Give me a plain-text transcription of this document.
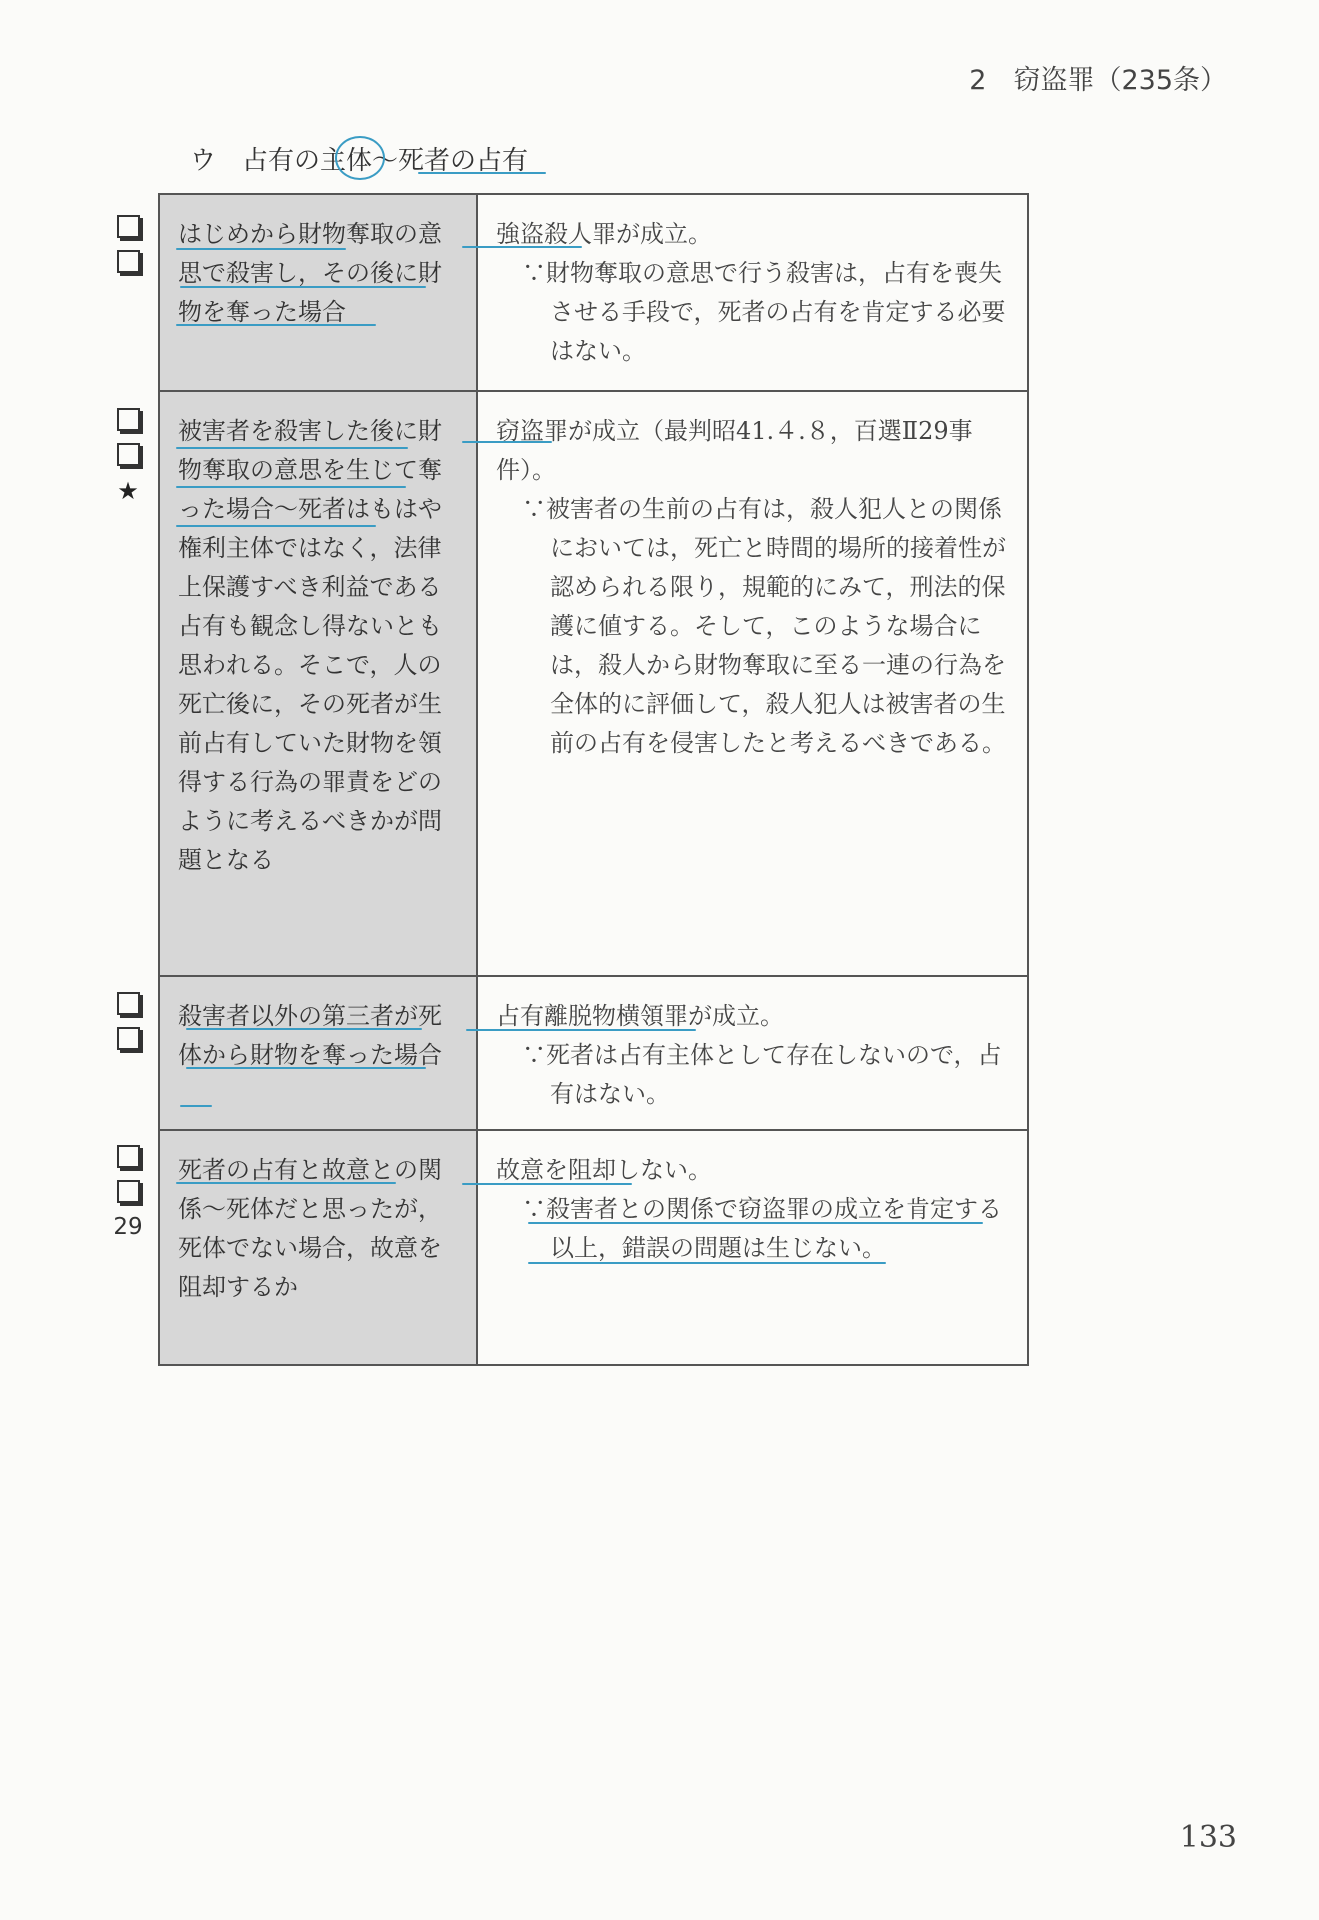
2　窃盗罪（235条）
ウ　占有の主体～死者の占有
★
29
はじめから財物奪取の意思で殺害し，その後に財物を奪った場合	強盗殺人罪が成立。
∵財物奪取の意思で行う殺害は，占有を喪失させる手段で，死者の占有を肯定する必要はない。

被害者を殺害した後に財物奪取の意思を生じて奪った場合～死者はもはや権利主体ではなく，法律上保護すべき利益である占有も観念し得ないとも思われる。そこで，人の死亡後に，その死者が生前占有していた財物を領得する行為の罪責をどのように考えるべきかが問題となる	窃盗罪が成立（最判昭41.４.８，百選Ⅱ29事件）。
∵被害者の生前の占有は，殺人犯人との関係においては，死亡と時間的場所的接着性が認められる限り，規範的にみて，刑法的保護に値する。そして，このような場合には，殺人から財物奪取に至る一連の行為を全体的に評価して，殺人犯人は被害者の生前の占有を侵害したと考えるべきである。

殺害者以外の第三者が死体から財物を奪った場合	占有離脱物横領罪が成立。
∵死者は占有主体として存在しないので，占有はない。

死者の占有と故意との関係～死体だと思ったが，死体でない場合，故意を阻却するか	故意を阻却しない。
∵殺害者との関係で窃盗罪の成立を肯定する以上，錯誤の問題は生じない。
133
